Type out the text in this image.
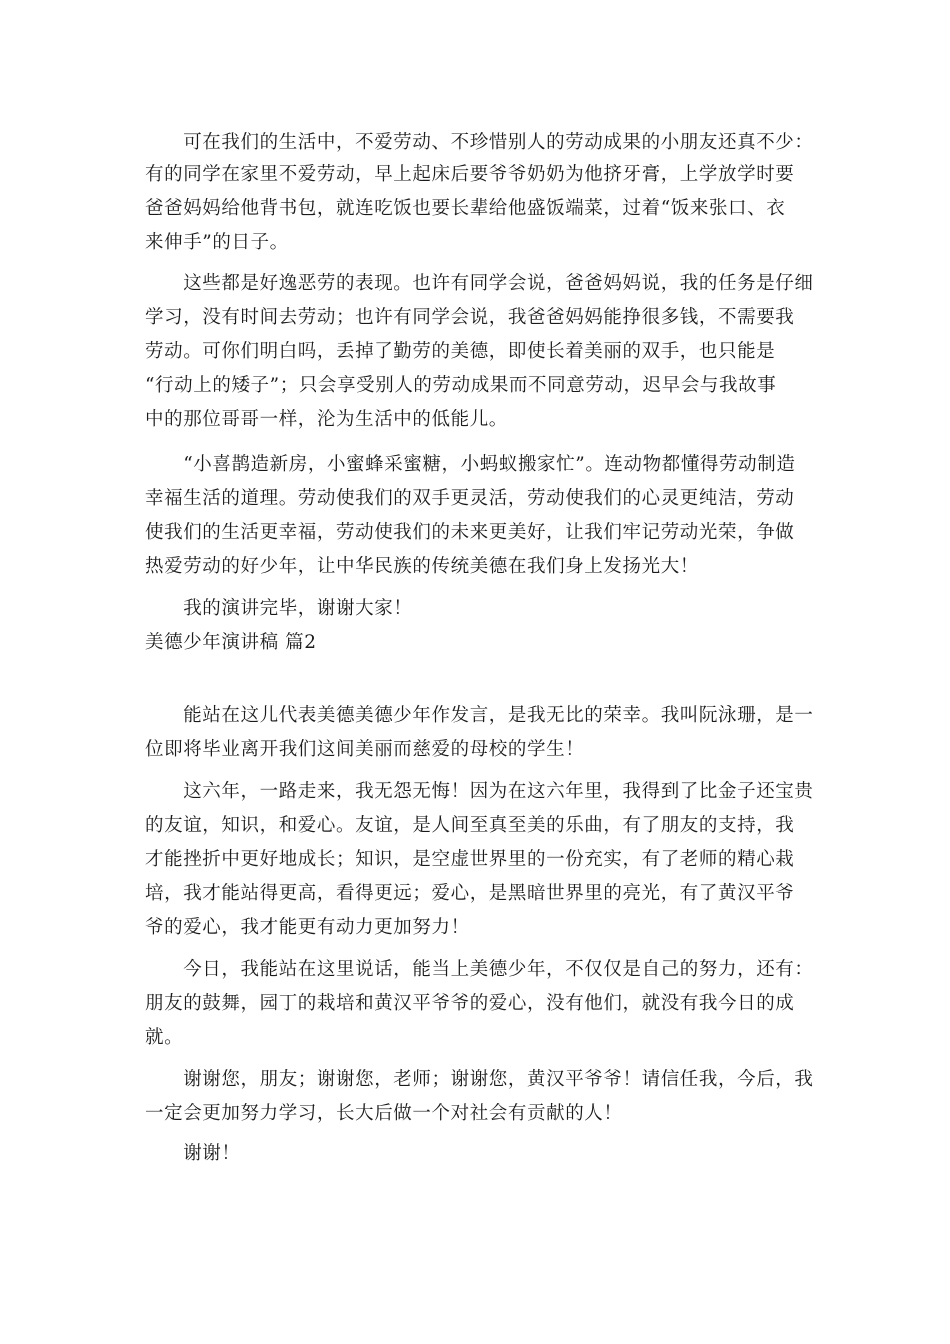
　　可在我们的生活中，不爱劳动、不珍惜别人的劳动成果的小朋友还真不少：
有的同学在家里不爱劳动，早上起床后要爷爷奶奶为他挤牙膏，上学放学时要
爸爸妈妈给他背书包，就连吃饭也要长辈给他盛饭端菜，过着“饭来张口、衣
来伸手”的日子。
　　这些都是好逸恶劳的表现。也许有同学会说，爸爸妈妈说，我的任务是仔细
学习，没有时间去劳动；也许有同学会说，我爸爸妈妈能挣很多钱，不需要我
劳动。可你们明白吗，丢掉了勤劳的美德，即使长着美丽的双手，也只能是
“行动上的矮子”；只会享受别人的劳动成果而不同意劳动，迟早会与我故事
中的那位哥哥一样，沦为生活中的低能儿。
　　“小喜鹊造新房，小蜜蜂采蜜糖，小蚂蚁搬家忙”。连动物都懂得劳动制造
幸福生活的道理。劳动使我们的双手更灵活，劳动使我们的心灵更纯洁，劳动
使我们的生活更幸福，劳动使我们的未来更美好，让我们牢记劳动光荣，争做
热爱劳动的好少年，让中华民族的传统美德在我们身上发扬光大！
　　我的演讲完毕，谢谢大家！
美德少年演讲稿 篇2
　　能站在这儿代表美德美德少年作发言，是我无比的荣幸。我叫阮泳珊，是一
位即将毕业离开我们这间美丽而慈爱的母校的学生！
　　这六年，一路走来，我无怨无悔！因为在这六年里，我得到了比金子还宝贵
的友谊，知识，和爱心。友谊，是人间至真至美的乐曲，有了朋友的支持，我
才能挫折中更好地成长；知识，是空虚世界里的一份充实，有了老师的精心栽
培，我才能站得更高，看得更远；爱心，是黑暗世界里的亮光，有了黄汉平爷
爷的爱心，我才能更有动力更加努力！
　　今日，我能站在这里说话，能当上美德少年，不仅仅是自己的努力，还有：
朋友的鼓舞，园丁的栽培和黄汉平爷爷的爱心，没有他们，就没有我今日的成
就。
　　谢谢您，朋友；谢谢您，老师；谢谢您，黄汉平爷爷！请信任我，今后，我
一定会更加努力学习，长大后做一个对社会有贡献的人！
　　谢谢！
